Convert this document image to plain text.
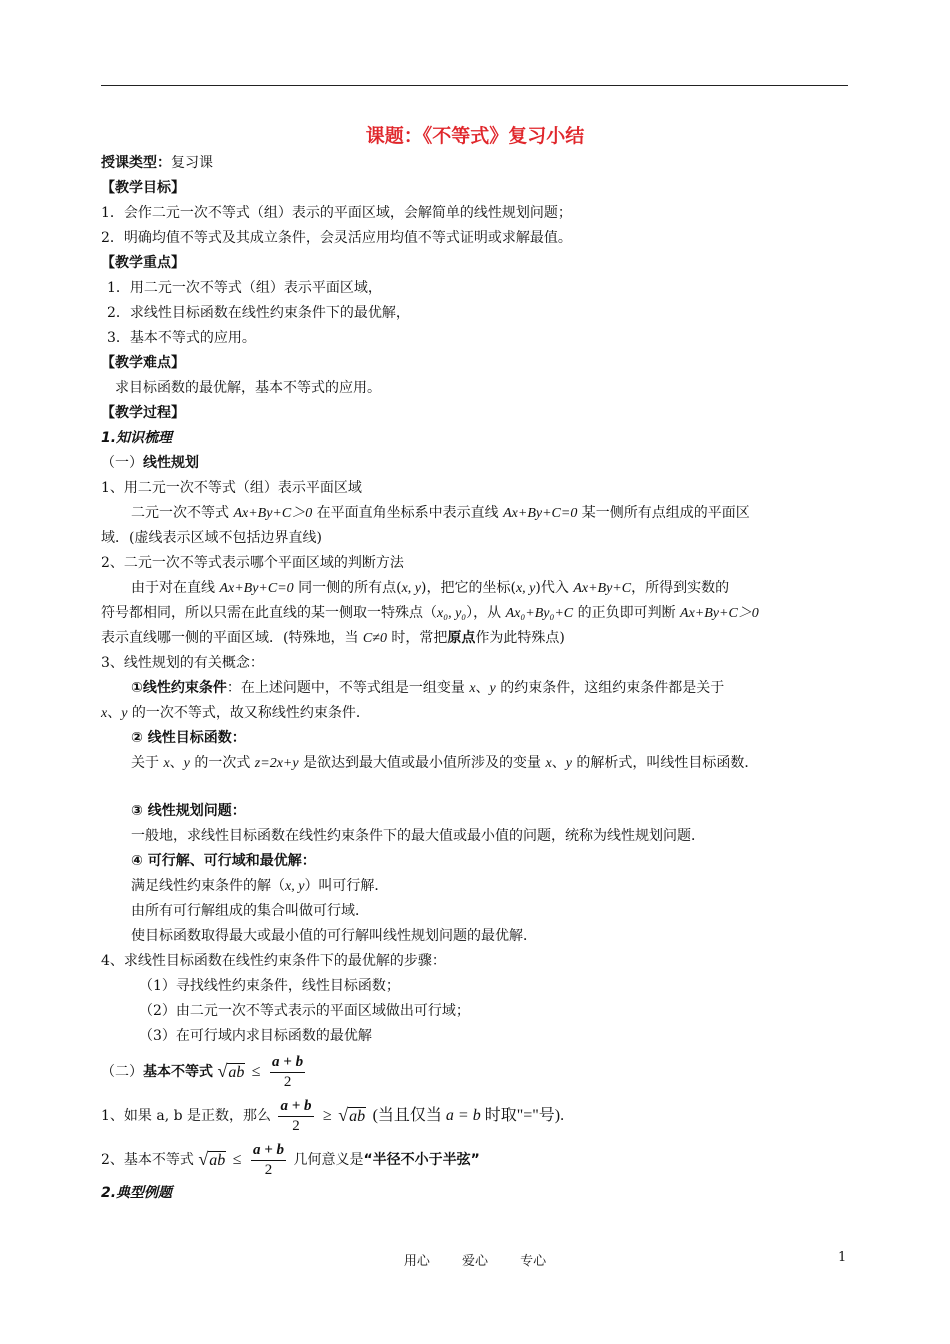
课题：《不等式》复习小结
授课类型：复习课
【教学目标】
1．会作二元一次不等式（组）表示的平面区域，会解简单的线性规划问题；
2．明确均值不等式及其成立条件，会灵活应用均值不等式证明或求解最值。
【教学重点】
1．用二元一次不等式（组）表示平面区域，
2．求线性目标函数在线性约束条件下的最优解，
3．基本不等式的应用。
【教学难点】
求目标函数的最优解，基本不等式的应用。
【教学过程】
1.知识梳理
（一）线性规划
1、用二元一次不等式（组）表示平面区域
二元一次不等式 Ax+By+C＞0 在平面直角坐标系中表示直线 Ax+By+C=0 某一侧所有点组成的平面区
域．(虚线表示区域不包括边界直线)
2、二元一次不等式表示哪个平面区域的判断方法
由于对在直线 Ax+By+C=0 同一侧的所有点(x, y)，把它的坐标(x, y)代入 Ax+By+C，所得到实数的
符号都相同，所以只需在此直线的某一侧取一特殊点（x₀, y₀），从 Ax₀+By₀+C 的正负即可判断 Ax+By+C＞0
表示直线哪一侧的平面区域．(特殊地，当 C≠0 时，常把原点作为此特殊点)
3、线性规划的有关概念：
①线性约束条件：在上述问题中，不等式组是一组变量 x、y 的约束条件，这组约束条件都是关于
x、y 的一次不等式，故又称线性约束条件．
② 线性目标函数：
关于 x、y 的一次式 z=2x+y 是欲达到最大值或最小值所涉及的变量 x、y 的解析式，叫线性目标函数．
③ 线性规划问题：
一般地，求线性目标函数在线性约束条件下的最大值或最小值的问题，统称为线性规划问题．
④ 可行解、可行域和最优解：
满足线性约束条件的解（x, y）叫可行解．
由所有可行解组成的集合叫做可行域．
使目标函数取得最大或最小值的可行解叫线性规划问题的最优解．
4、求线性目标函数在线性约束条件下的最优解的步骤：
（1）寻找线性约束条件，线性目标函数；
（2）由二元一次不等式表示的平面区域做出可行域；
（3）在可行域内求目标函数的最优解
（二）基本不等式 $√ab \le \frac{a + b}{2}$
1、如果 a, b 是正数，那么 $\frac{a + b}{2} \ge √ab$ (当且仅当 a = b 时取"="号).
2、基本不等式 $√ab \le \frac{a + b}{2}$ 几何意义是“半径不小于半弦”
2.典型例题
用心 爱心 专心	1
